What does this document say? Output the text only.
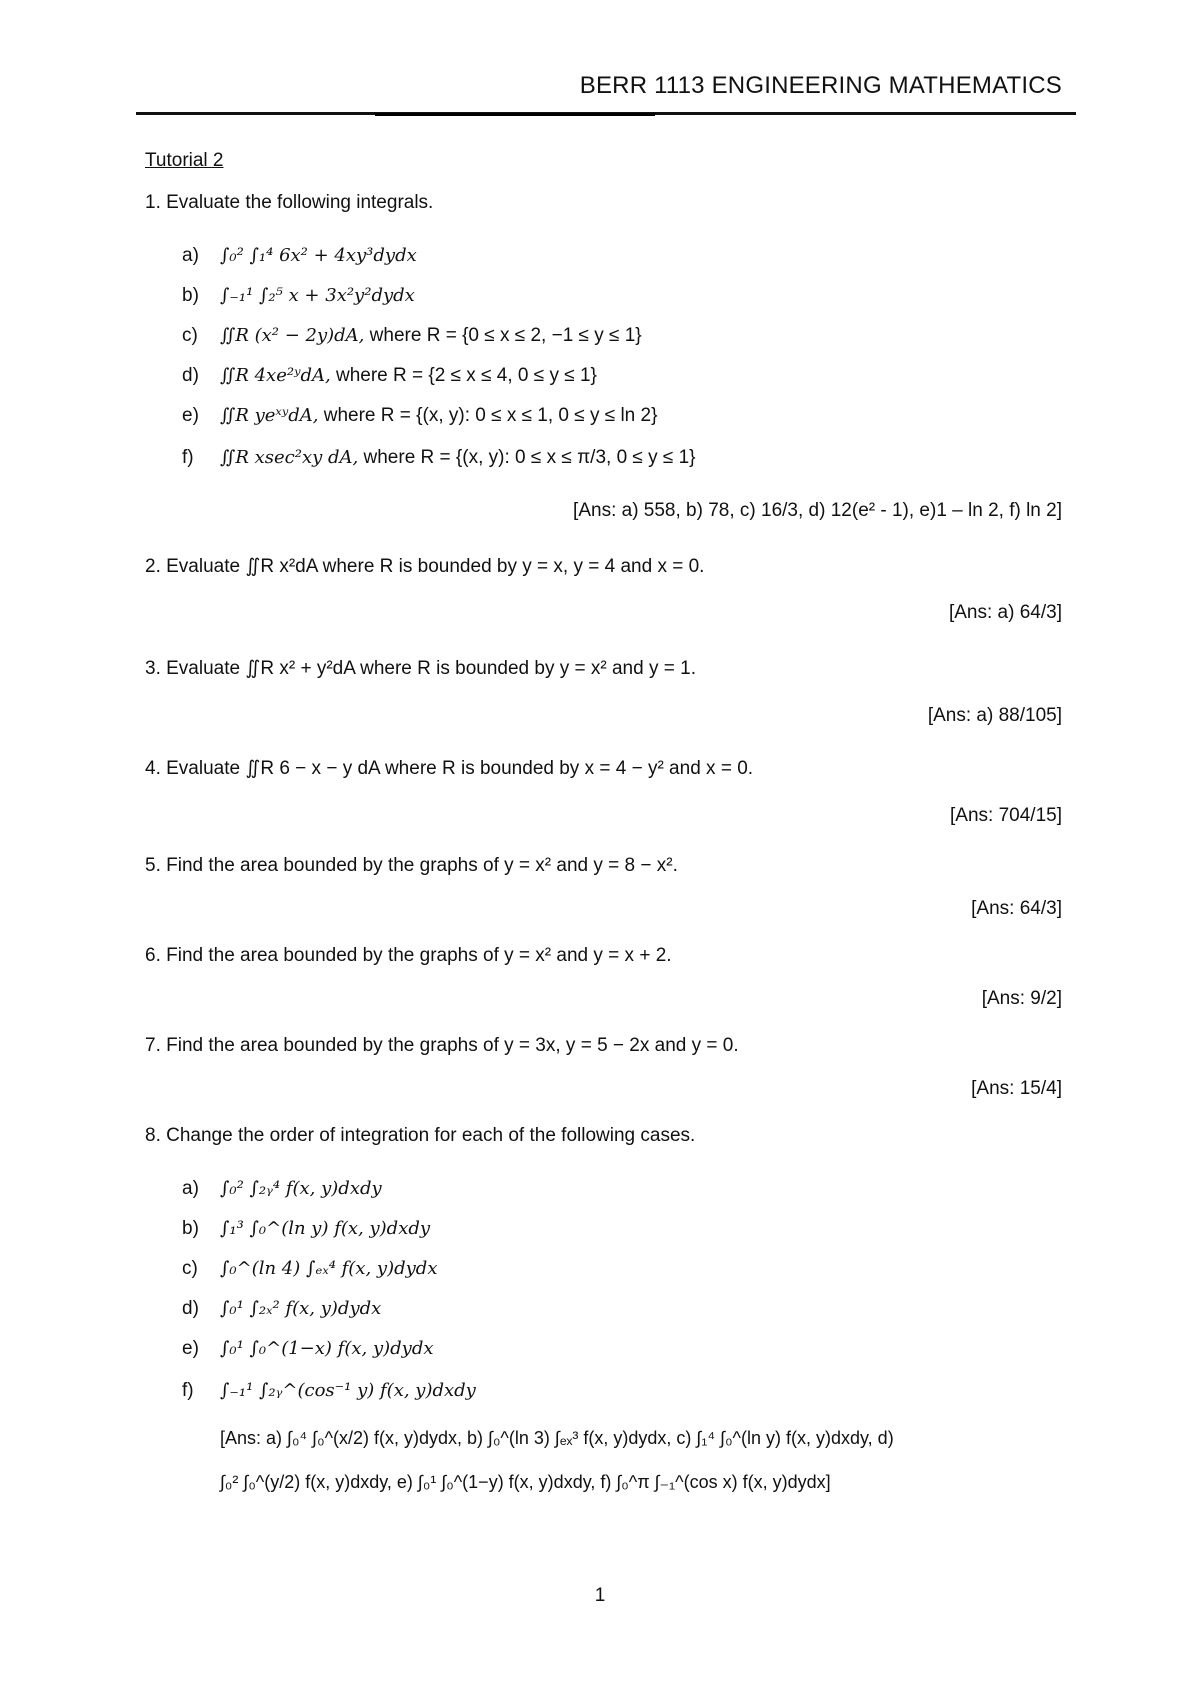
BERR 1113 ENGINEERING MATHEMATICS
Tutorial 2
1. Evaluate the following integrals.
a) ∫₀² ∫₁⁴ 6x² + 4xy³dydx
b) ∫₋₁¹ ∫₂⁵ x + 3x²y²dydx
c) ∬R (x² − 2y)dA, where R = {0 ≤ x ≤ 2, −1 ≤ y ≤ 1}
d) ∬R 4xe²ʸdA, where R = {2 ≤ x ≤ 4, 0 ≤ y ≤ 1}
e) ∬R yeˣʸdA, where R = {(x, y): 0 ≤ x ≤ 1, 0 ≤ y ≤ ln 2}
f) ∬R xsec²xy dA, where R = {(x, y): 0 ≤ x ≤ π/3, 0 ≤ y ≤ 1}
[Ans: a) 558, b) 78, c) 16/3, d) 12(e² - 1), e)1 – ln 2, f) ln 2]
2. Evaluate ∬R x²dA where R is bounded by y = x, y = 4 and x = 0.
[Ans: a) 64/3]
3. Evaluate ∬R x² + y²dA where R is bounded by y = x² and y = 1.
[Ans: a) 88/105]
4. Evaluate ∬R 6 − x − y dA where R is bounded by x = 4 − y² and x = 0.
[Ans: 704/15]
5. Find the area bounded by the graphs of y = x² and y = 8 − x².
[Ans: 64/3]
6. Find the area bounded by the graphs of y = x² and y = x + 2.
[Ans: 9/2]
7. Find the area bounded by the graphs of y = 3x, y = 5 − 2x and y = 0.
[Ans: 15/4]
8. Change the order of integration for each of the following cases.
a) ∫₀² ∫₂ᵧ⁴ f(x, y)dxdy
b) ∫₁³ ∫₀^(ln y) f(x, y)dxdy
c) ∫₀^(ln 4) ∫ₑₓ⁴ f(x, y)dydx
d) ∫₀¹ ∫₂ₓ² f(x, y)dydx
e) ∫₀¹ ∫₀^(1−x) f(x, y)dydx
f) ∫₋₁¹ ∫₂ᵧ^(cos⁻¹ y) f(x, y)dxdy
[Ans: a) ∫₀⁴ ∫₀^(x/2) f(x, y)dydx, b) ∫₀^(ln 3) ∫ₑₓ³ f(x, y)dydx, c) ∫₁⁴ ∫₀^(ln y) f(x, y)dxdy, d)
∫₀² ∫₀^(y/2) f(x, y)dxdy, e) ∫₀¹ ∫₀^(1−y) f(x, y)dxdy, f) ∫₀^π ∫₋₁^(cos x) f(x, y)dydx]
1
